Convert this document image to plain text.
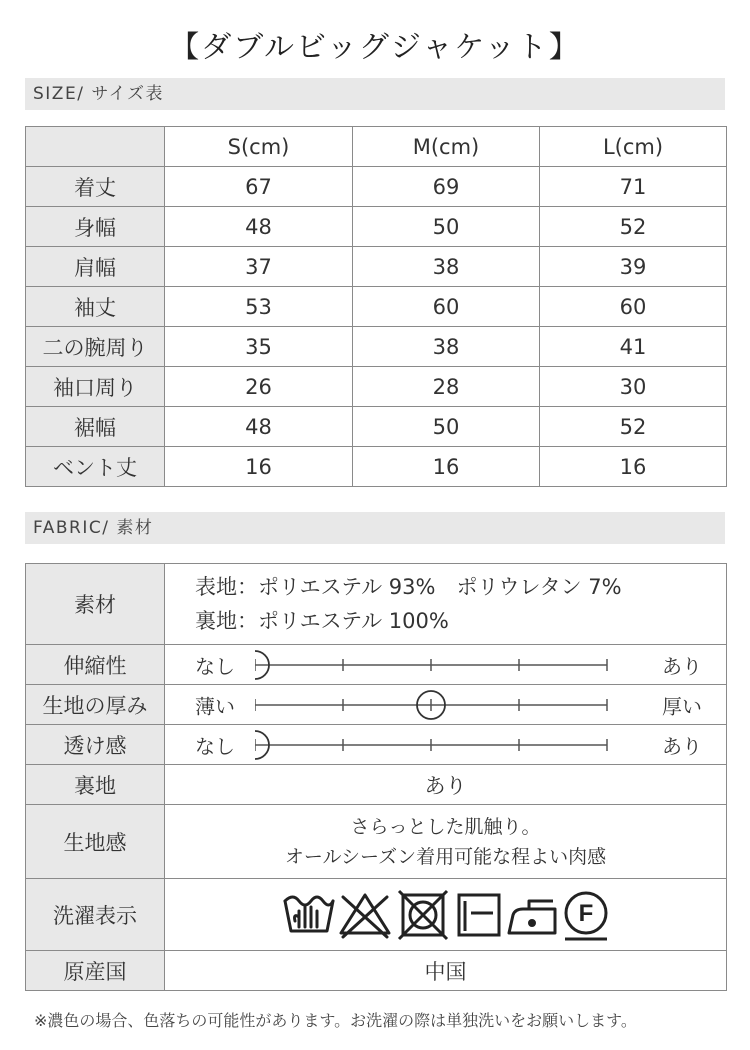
【ダブルビッグジャケット】
SIZE/ サイズ表
	S(cm)	M(cm)	L(cm)
着丈	67	69	71
身幅	48	50	52
肩幅	37	38	39
袖丈	53	60	60
二の腕周り	35	38	41
袖口周り	26	28	30
裾幅	48	50	52
ベント丈	16	16	16
FABRIC/ 素材
素材	表地：ポリエステル 93%　ポリウレタン 7%
裏地：ポリエステル 100%

伸縮性	なし あり

生地の厚み	薄い 厚い

透け感	なし あり

裏地	あり
生地感	さらっとした肌触り。
オールシーズン着用可能な程よい肉感

洗濯表示	F

原産国	中国
※濃色の場合、色落ちの可能性があります。お洗濯の際は単独洗いをお願いします。
